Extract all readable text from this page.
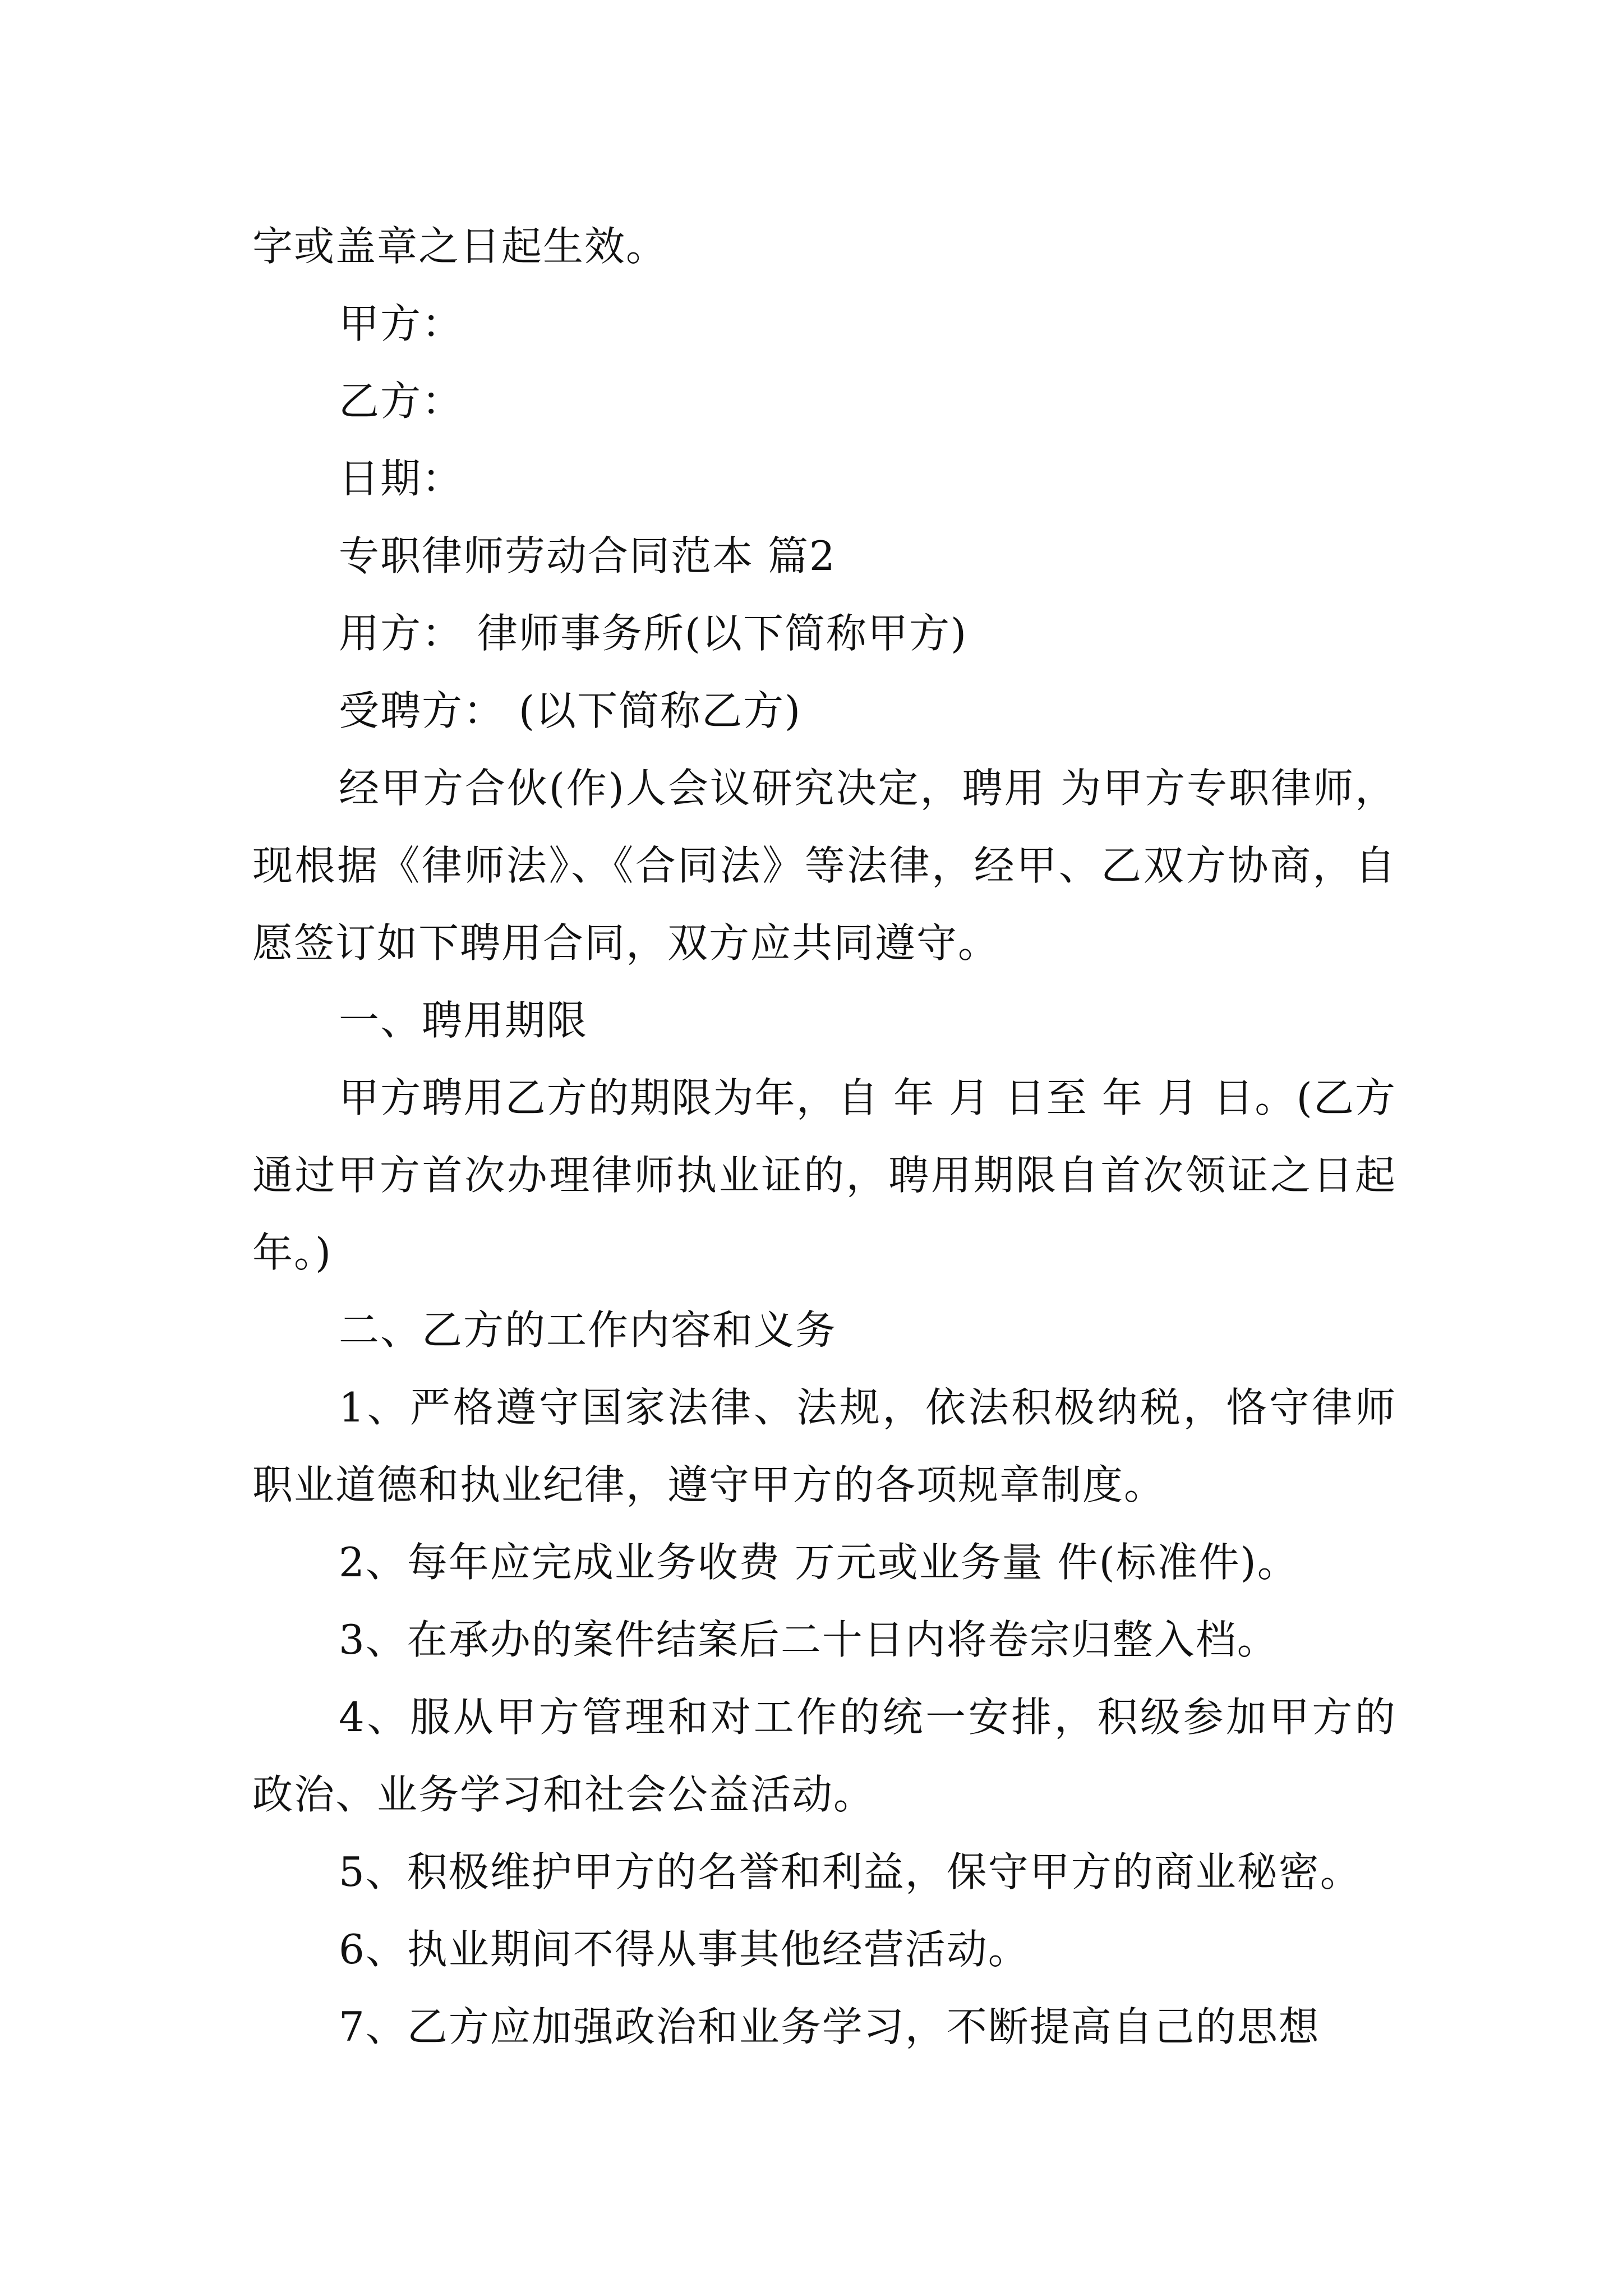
字或盖章之日起生效。

甲方：

乙方：

日期：

专职律师劳动合同范本 篇2

用方： 律师事务所(以下简称甲方)

受聘方： (以下简称乙方)

经甲方合伙(作)人会议研究决定，聘用 为甲方专职律师，现根据《律师法》、《合同法》等法律，经甲、乙双方协商，自愿签订如下聘用合同，双方应共同遵守。

一、聘用期限

甲方聘用乙方的期限为年，自 年 月 日至 年 月 日。(乙方通过甲方首次办理律师执业证的，聘用期限自首次领证之日起 年。)

二、乙方的工作内容和义务

1、严格遵守国家法律、法规，依法积极纳税，恪守律师职业道德和执业纪律，遵守甲方的各项规章制度。

2、每年应完成业务收费 万元或业务量 件(标准件)。

3、在承办的案件结案后二十日内将卷宗归整入档。

4、服从甲方管理和对工作的统一安排，积级参加甲方的政治、业务学习和社会公益活动。

5、积极维护甲方的名誉和利益，保守甲方的商业秘密。

6、执业期间不得从事其他经营活动。

7、乙方应加强政治和业务学习，不断提高自己的思想
